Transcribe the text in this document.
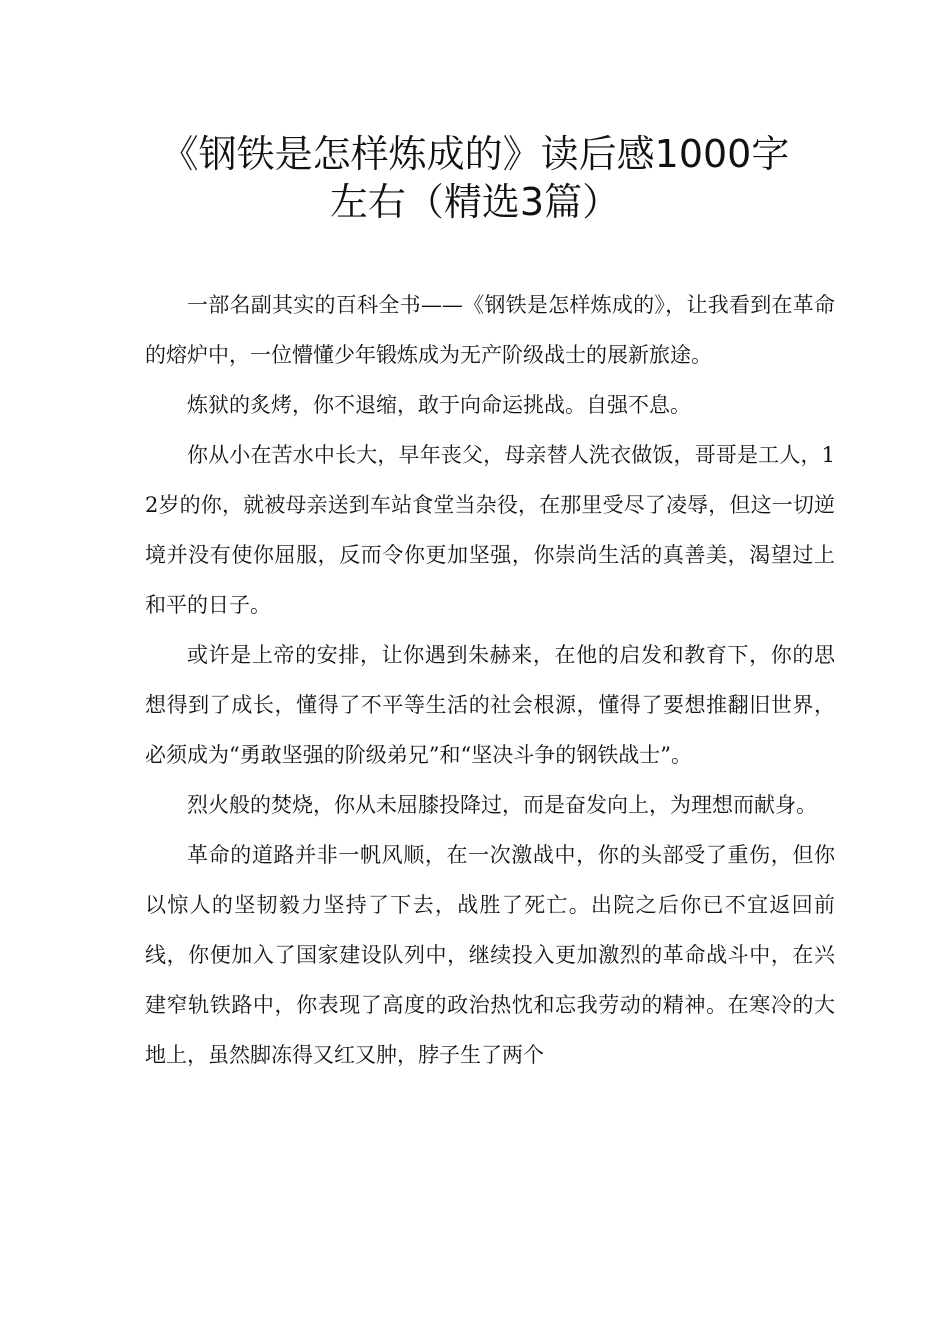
《钢铁是怎样炼成的》读后感1000字
左右（精选3篇）

一部名副其实的百科全书——《钢铁是怎样炼成的》，让我看到在革命的熔炉中，一位懵懂少年锻炼成为无产阶级战士的展新旅途。

炼狱的炙烤，你不退缩，敢于向命运挑战。自强不息。

你从小在苦水中长大，早年丧父，母亲替人洗衣做饭，哥哥是工人，12岁的你，就被母亲送到车站食堂当杂役，在那里受尽了凌辱，但这一切逆境并没有使你屈服，反而令你更加坚强，你崇尚生活的真善美，渴望过上和平的日子。

或许是上帝的安排，让你遇到朱赫来，在他的启发和教育下，你的思想得到了成长，懂得了不平等生活的社会根源，懂得了要想推翻旧世界，必须成为“勇敢坚强的阶级弟兄”和“坚决斗争的钢铁战士”。

烈火般的焚烧，你从未屈膝投降过，而是奋发向上，为理想而献身。

革命的道路并非一帆风顺，在一次激战中，你的头部受了重伤，但你以惊人的坚韧毅力坚持了下去，战胜了死亡。出院之后你已不宜返回前线，你便加入了国家建设队列中，继续投入更加激烈的革命战斗中，在兴建窄轨铁路中，你表现了高度的政治热忱和忘我劳动的精神。在寒冷的大地上，虽然脚冻得又红又肿，脖子生了两个
